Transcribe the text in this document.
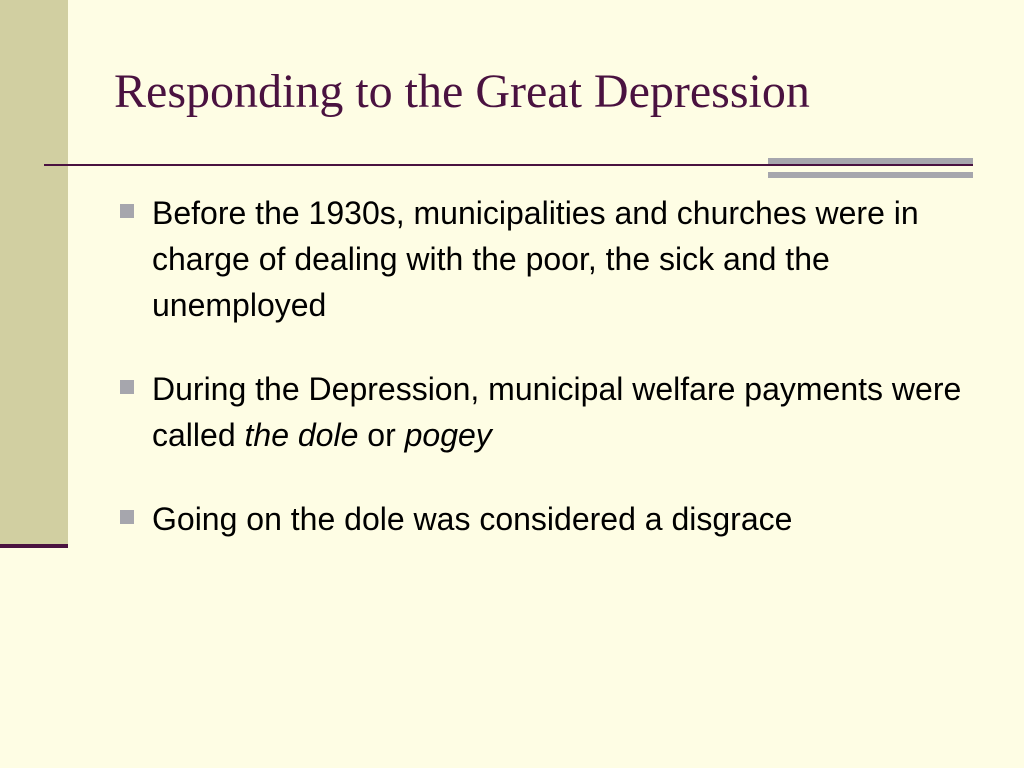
Responding to the Great Depression
Before the 1930s, municipalities and churches were in charge of dealing with the poor, the sick and the unemployed
During the Depression, municipal welfare payments were called the dole or pogey
Going on the dole was considered a disgrace
